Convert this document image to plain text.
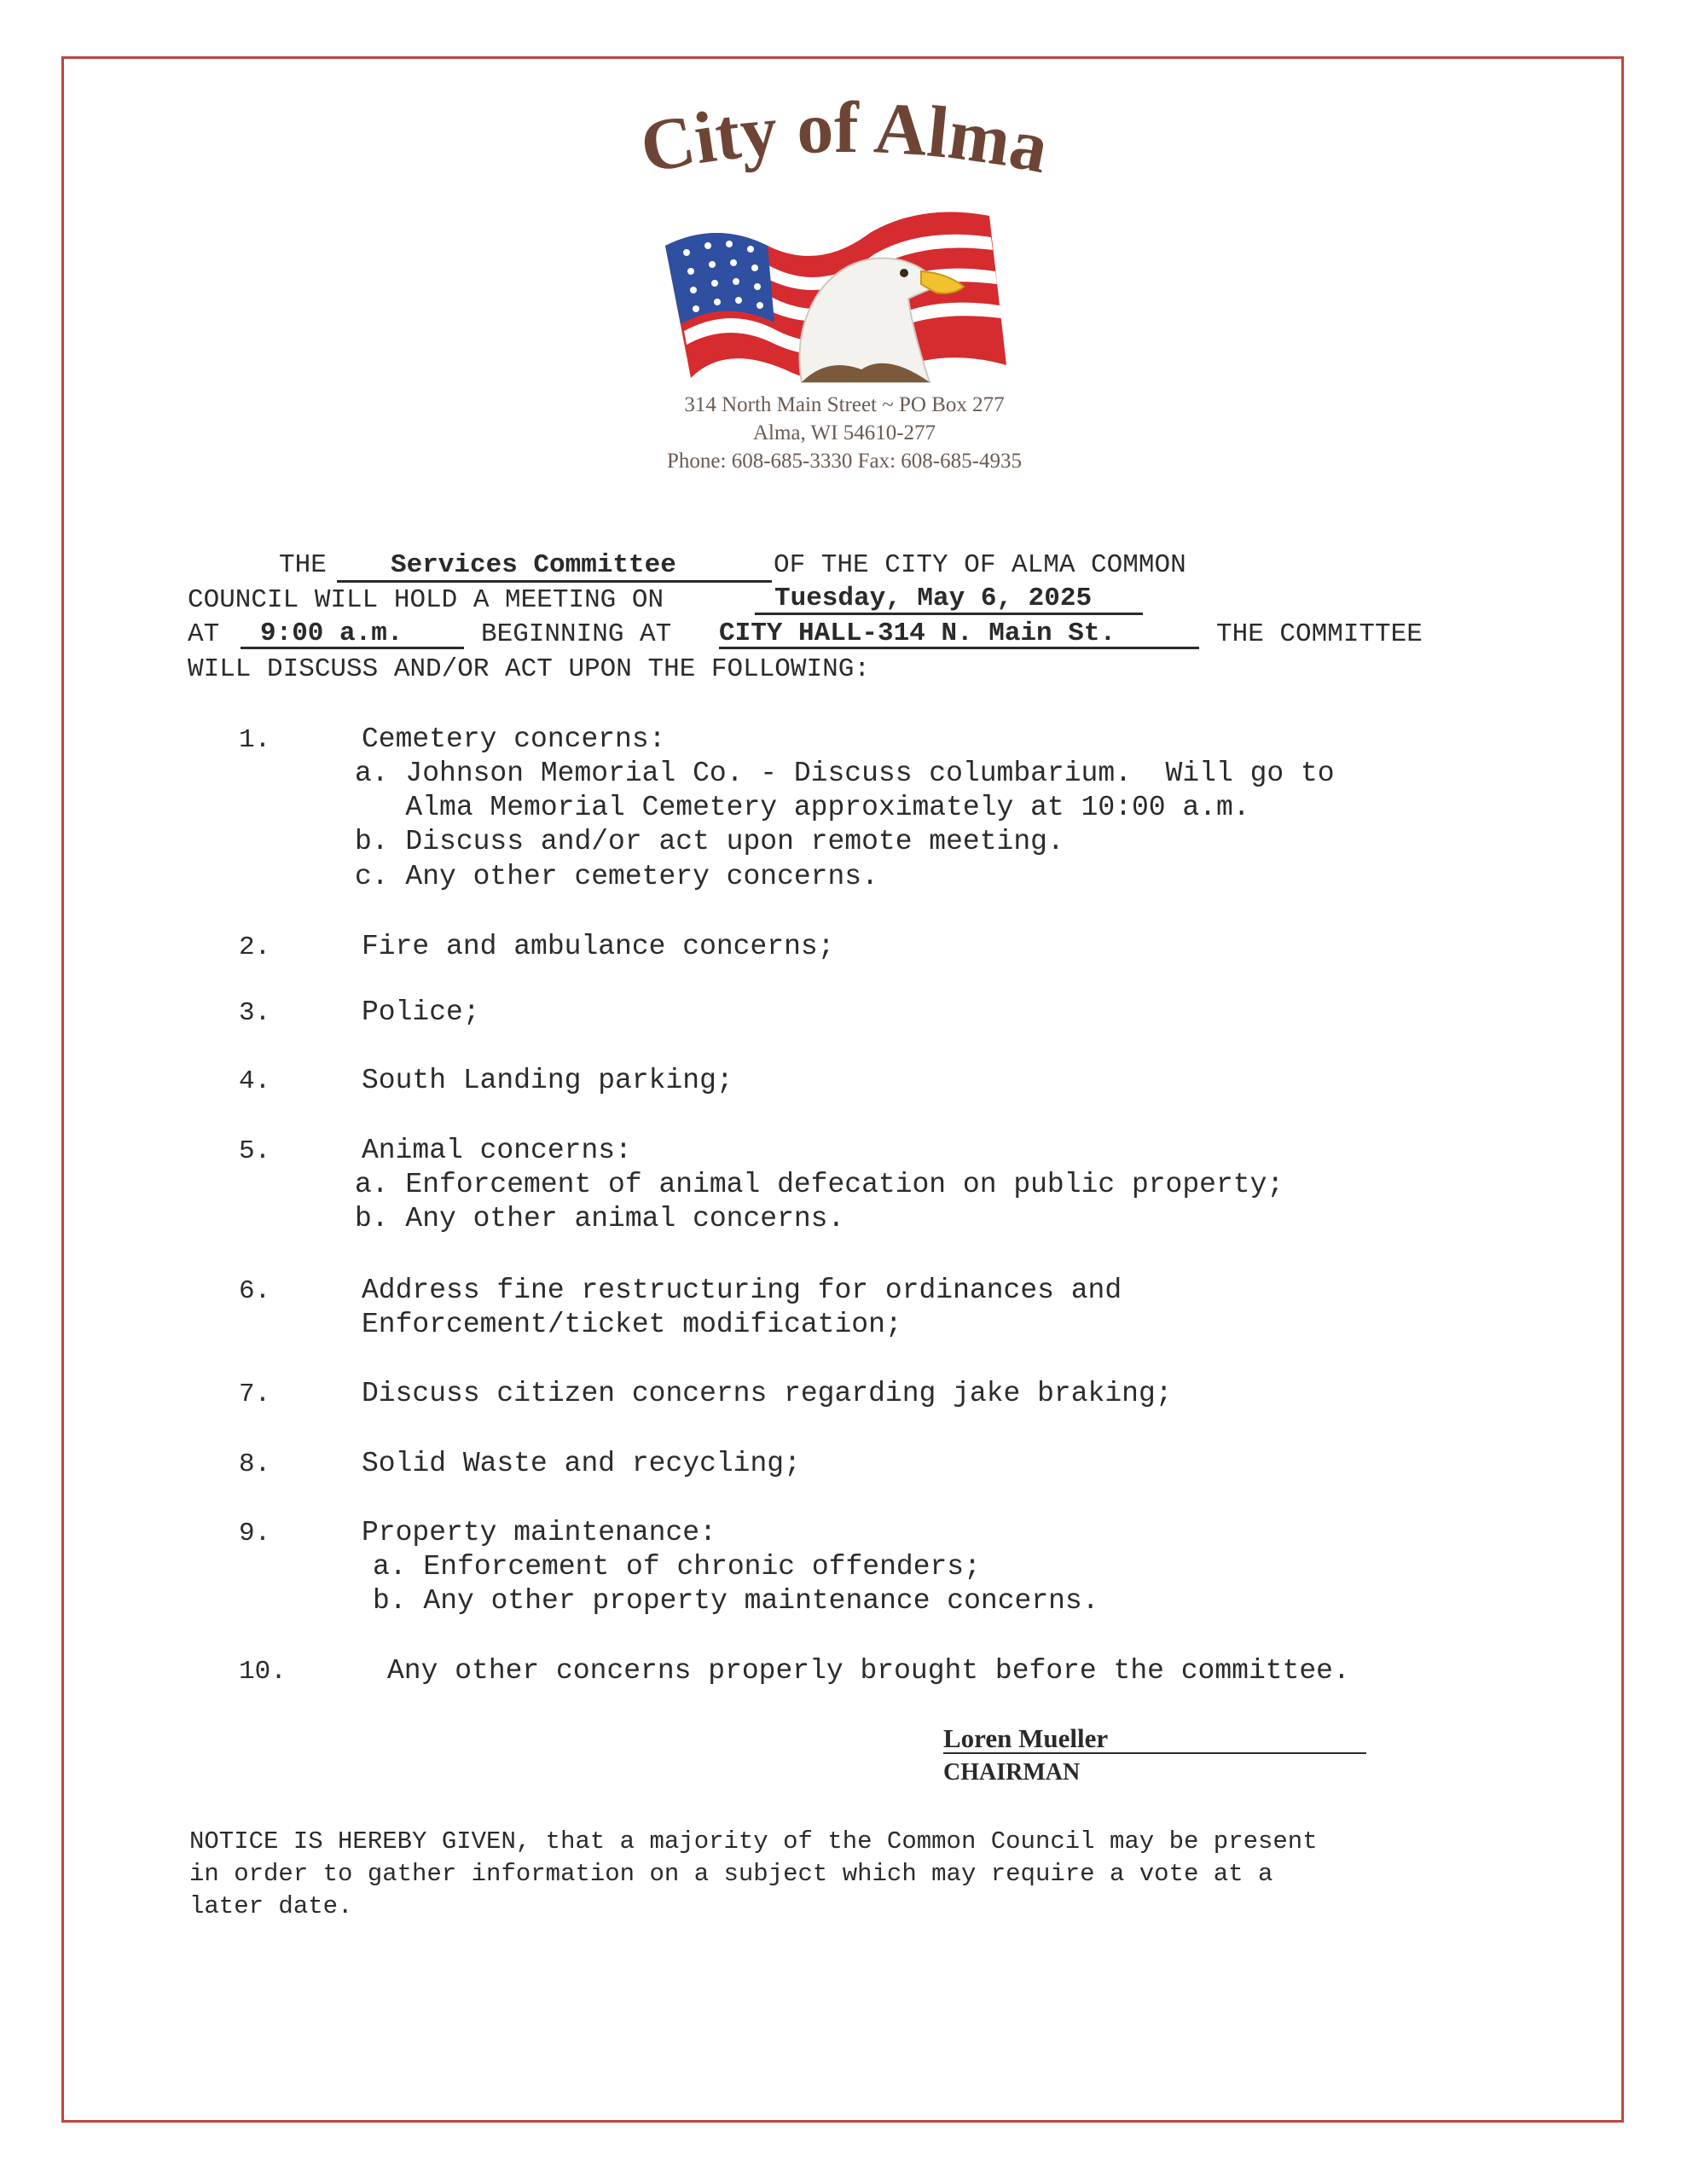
City of Alma
314 North Main Street ~ PO Box 277
Alma, WI 54610-277
Phone: 608-685-3330 Fax: 608-685-4935
THE Services Committee	OF THE CITY OF ALMA COMMON
COUNCIL WILL HOLD A MEETING ON	Tuesday, May 6, 2025
AT 9:00 a.m.	BEGINNING AT CITY HALL-314 N. Main St.	THE COMMITTEE
WILL DISCUSS AND/OR ACT UPON THE FOLLOWING:
1.	Cemetery concerns:
a. Johnson Memorial Co. - Discuss columbarium.  Will go to
Alma Memorial Cemetery approximately at 10:00 a.m.
b. Discuss and/or act upon remote meeting.
c. Any other cemetery concerns.
2.	Fire and ambulance concerns;
3.	Police;
4.	South Landing parking;
5.	Animal concerns:
a. Enforcement of animal defecation on public property;
b. Any other animal concerns.
6.	Address fine restructuring for ordinances and
Enforcement/ticket modification;
7.	Discuss citizen concerns regarding jake braking;
8.	Solid Waste and recycling;
9.	Property maintenance:
a. Enforcement of chronic offenders;
b. Any other property maintenance concerns.
10.	Any other concerns properly brought before the committee.
Loren Mueller
CHAIRMAN
NOTICE IS HEREBY GIVEN, that a majority of the Common Council may be present
in order to gather information on a subject which may require a vote at a
later date.
